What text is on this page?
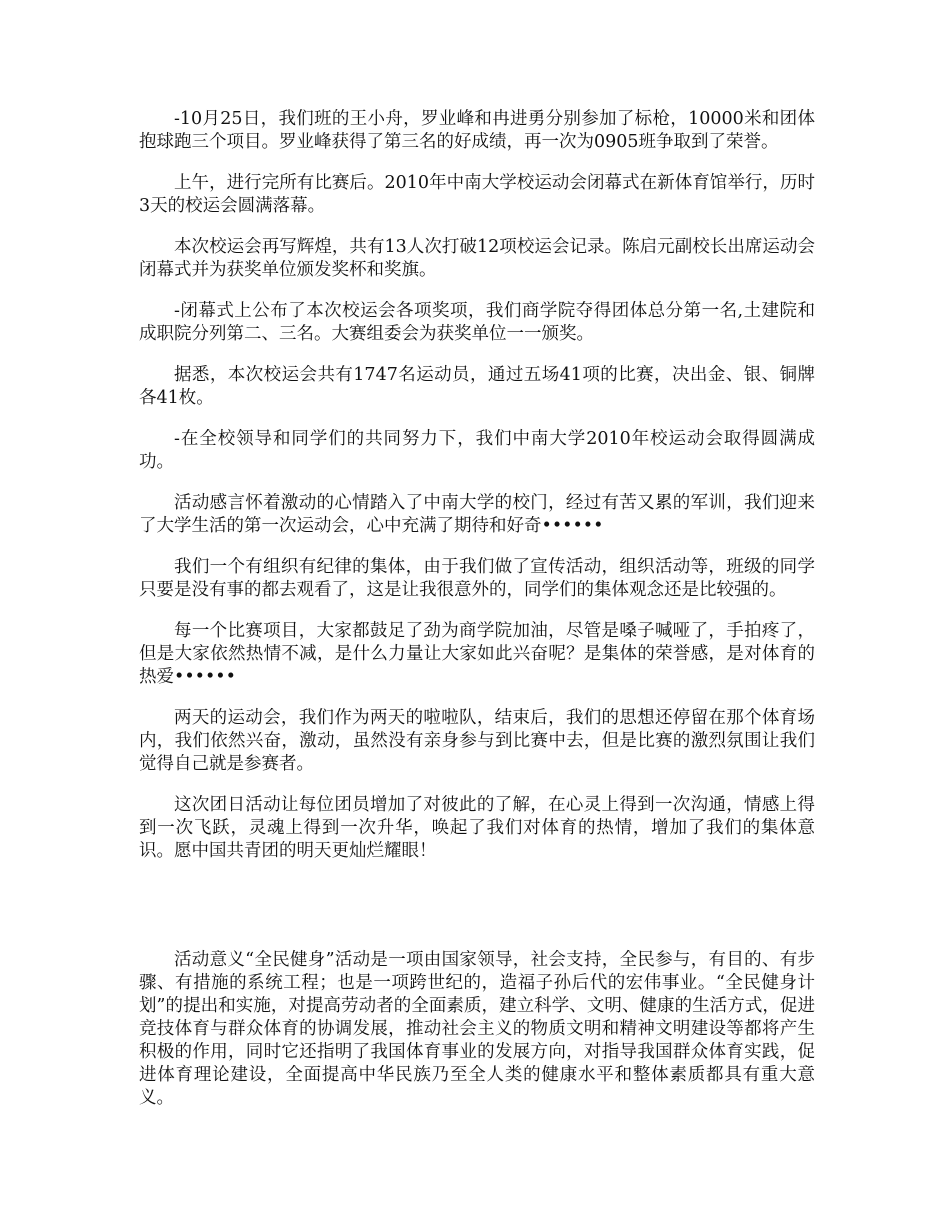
-10月25日，我们班的王小舟，罗业峰和冉进勇分别参加了标枪，10000米和团体抱球跑三个项目。罗业峰获得了第三名的好成绩，再一次为0905班争取到了荣誉。

上午，进行完所有比赛后。2010年中南大学校运动会闭幕式在新体育馆举行，历时3天的校运会圆满落幕。

本次校运会再写辉煌，共有13人次打破12项校运会记录。陈启元副校长出席运动会闭幕式并为获奖单位颁发奖杯和奖旗。

-闭幕式上公布了本次校运会各项奖项，我们商学院夺得团体总分第一名,土建院和成职院分列第二、三名。大赛组委会为获奖单位一一颁奖。

据悉，本次校运会共有1747名运动员，通过五场41项的比赛，决出金、银、铜牌各41枚。

-在全校领导和同学们的共同努力下，我们中南大学2010年校运动会取得圆满成功。

活动感言怀着激动的心情踏入了中南大学的校门，经过有苦又累的军训，我们迎来了大学生活的第一次运动会，心中充满了期待和好奇••••••

我们一个有组织有纪律的集体，由于我们做了宣传活动，组织活动等，班级的同学只要是没有事的都去观看了，这是让我很意外的，同学们的集体观念还是比较强的。

每一个比赛项目，大家都鼓足了劲为商学院加油，尽管是嗓子喊哑了，手拍疼了，但是大家依然热情不减，是什么力量让大家如此兴奋呢？是集体的荣誉感，是对体育的热爱••••••

两天的运动会，我们作为两天的啦啦队，结束后，我们的思想还停留在那个体育场内，我们依然兴奋，激动，虽然没有亲身参与到比赛中去，但是比赛的激烈氛围让我们觉得自己就是参赛者。

这次团日活动让每位团员增加了对彼此的了解，在心灵上得到一次沟通，情感上得到一次飞跃，灵魂上得到一次升华，唤起了我们对体育的热情，增加了我们的集体意识。愿中国共青团的明天更灿烂耀眼！

活动意义“全民健身”活动是一项由国家领导，社会支持，全民参与，有目的、有步骤、有措施的系统工程；也是一项跨世纪的，造福子孙后代的宏伟事业。“全民健身计划”的提出和实施，对提高劳动者的全面素质，建立科学、文明、健康的生活方式，促进竞技体育与群众体育的协调发展，推动社会主义的物质文明和精神文明建设等都将产生积极的作用，同时它还指明了我国体育事业的发展方向，对指导我国群众体育实践，促进体育理论建设，全面提高中华民族乃至全人类的健康水平和整体素质都具有重大意义。
